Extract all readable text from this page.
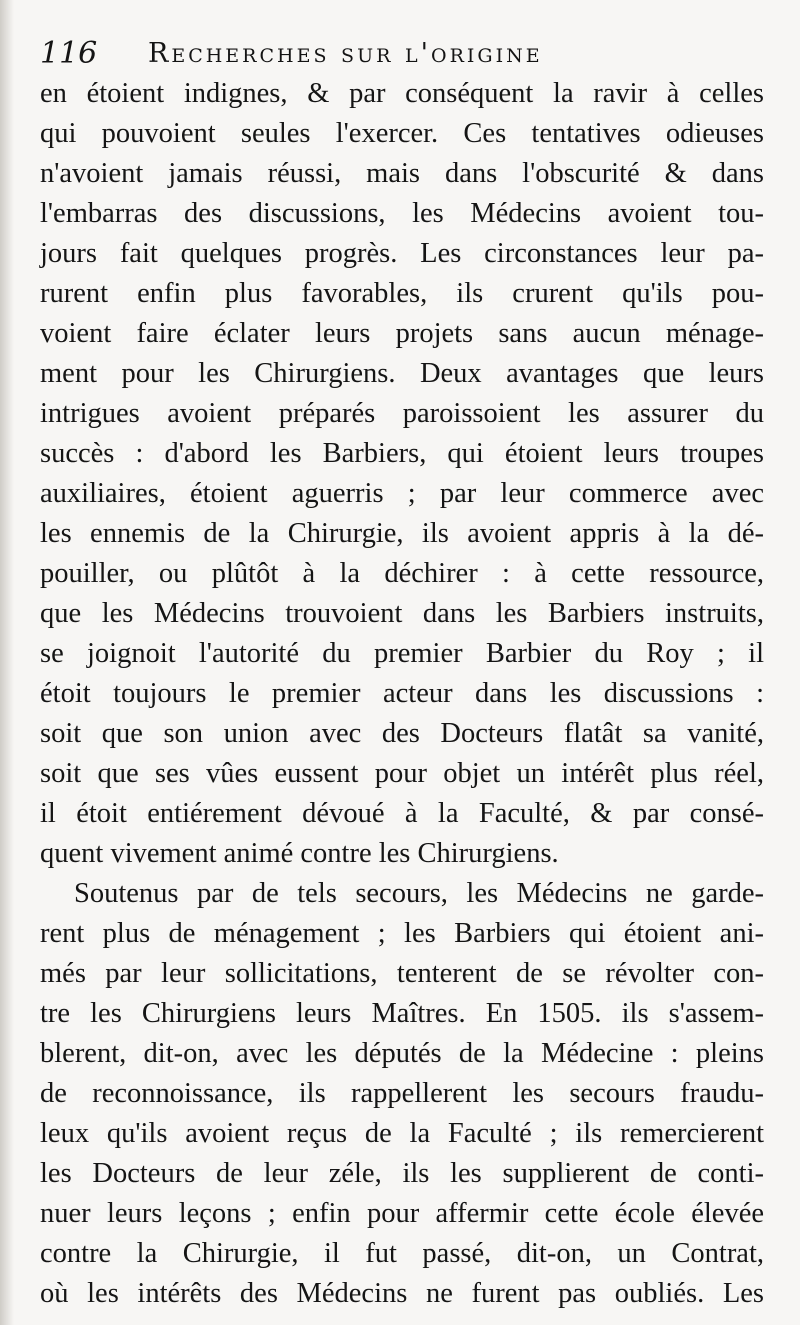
116 Recherches sur l'origine
en étoient indignes, & par conséquent la ravir à celles
qui pouvoient seules l'exercer. Ces tentatives odieuses
n'avoient jamais réussi, mais dans l'obscurité & dans
l'embarras des discussions, les Médecins avoient tou-
jours fait quelques progrès. Les circonstances leur pa-
rurent enfin plus favorables, ils crurent qu'ils pou-
voient faire éclater leurs projets sans aucun ménage-
ment pour les Chirurgiens. Deux avantages que leurs
intrigues avoient préparés paroissoient les assurer du
succès : d'abord les Barbiers, qui étoient leurs troupes
auxiliaires, étoient aguerris ; par leur commerce avec
les ennemis de la Chirurgie, ils avoient appris à la dé-
pouiller, ou plûtôt à la déchirer : à cette ressource,
que les Médecins trouvoient dans les Barbiers instruits,
se joignoit l'autorité du premier Barbier du Roy ; il
étoit toujours le premier acteur dans les discussions :
soit que son union avec des Docteurs flatât sa vanité,
soit que ses vûes eussent pour objet un intérêt plus réel,
il étoit entiérement dévoué à la Faculté, & par consé-
quent vivement animé contre les Chirurgiens.
Soutenus par de tels secours, les Médecins ne garde-
rent plus de ménagement ; les Barbiers qui étoient ani-
més par leur sollicitations, tenterent de se révolter con-
tre les Chirurgiens leurs Maîtres. En 1505. ils s'assem-
blerent, dit-on, avec les députés de la Médecine : pleins
de reconnoissance, ils rappellerent les secours fraudu-
leux qu'ils avoient reçus de la Faculté ; ils remercierent
les Docteurs de leur zéle, ils les supplierent de conti-
nuer leurs leçons ; enfin pour affermir cette école élevée
contre la Chirurgie, il fut passé, dit-on, un Contrat,
où les intérêts des Médecins ne furent pas oubliés. Les
